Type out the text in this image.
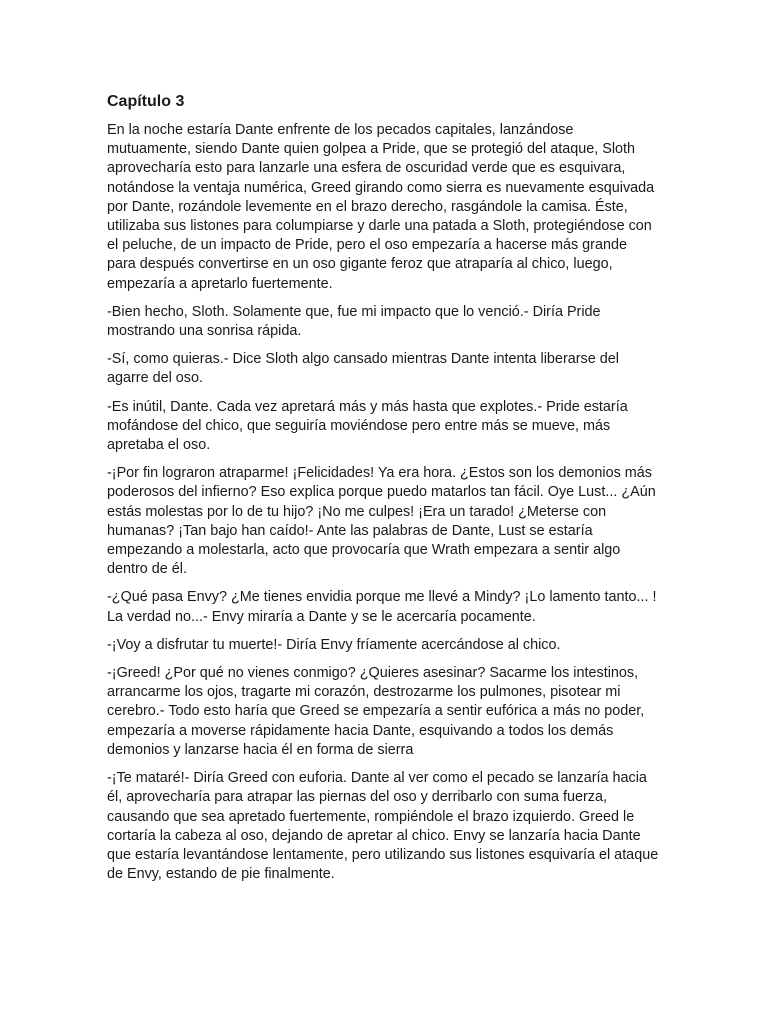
Capítulo 3

En la noche estaría Dante enfrente de los pecados capitales, lanzándose mutuamente, siendo Dante quien golpea a Pride, que se protegió del ataque, Sloth aprovecharía esto para lanzarle una esfera de oscuridad verde que es esquivara, notándose la ventaja numérica, Greed girando como sierra es nuevamente esquivada por Dante, rozándole levemente en el brazo derecho, rasgándole la camisa. Éste, utilizaba sus listones para columpiarse y darle una patada a Sloth, protegiéndose con el peluche, de un impacto de Pride, pero el oso empezaría a hacerse más grande para después convertirse en un oso gigante feroz que atraparía al chico, luego, empezaría a apretarlo fuertemente.

-Bien hecho, Sloth. Solamente que, fue mi impacto que lo venció.- Diría Pride mostrando una sonrisa rápida.

-Sí, como quieras.- Dice Sloth algo cansado mientras Dante intenta liberarse del agarre del oso.

-Es inútil, Dante. Cada vez apretará más y más hasta que explotes.- Pride estaría mofándose del chico, que seguiría moviéndose pero entre más se mueve, más apretaba el oso.

-¡Por fin lograron atraparme! ¡Felicidades! Ya era hora. ¿Estos son los demonios más poderosos del infierno? Eso explica porque puedo matarlos tan fácil. Oye Lust... ¿Aún estás molestas por lo de tu hijo? ¡No me culpes! ¡Era un tarado! ¿Meterse con humanas? ¡Tan bajo han caído!- Ante las palabras de Dante, Lust se estaría empezando a molestarla, acto que provocaría que Wrath empezara a sentir algo dentro de él.

-¿Qué pasa Envy? ¿Me tienes envidia porque me llevé a Mindy? ¡Lo lamento tanto... ! La verdad no...- Envy miraría a Dante y se le acercaría pocamente.

-¡Voy a disfrutar tu muerte!- Diría Envy fríamente acercándose al chico.

-¡Greed! ¿Por qué no vienes conmigo? ¿Quieres asesinar? Sacarme los intestinos, arrancarme los ojos, tragarte mi corazón, destrozarme los pulmones, pisotear mi cerebro.- Todo esto haría que Greed se empezaría a sentir eufórica a más no poder, empezaría a moverse rápidamente hacia Dante, esquivando a todos los demás demonios y lanzarse hacia él en forma de sierra

-¡Te mataré!- Diría Greed con euforia. Dante al ver como el pecado se lanzaría hacia él, aprovecharía para atrapar las piernas del oso y derribarlo con suma fuerza, causando que sea apretado fuertemente, rompiéndole el brazo izquierdo. Greed le cortaría la cabeza al oso, dejando de apretar al chico. Envy se lanzaría hacia Dante que estaría levantándose lentamente, pero utilizando sus listones esquivaría el ataque de Envy, estando de pie finalmente.
